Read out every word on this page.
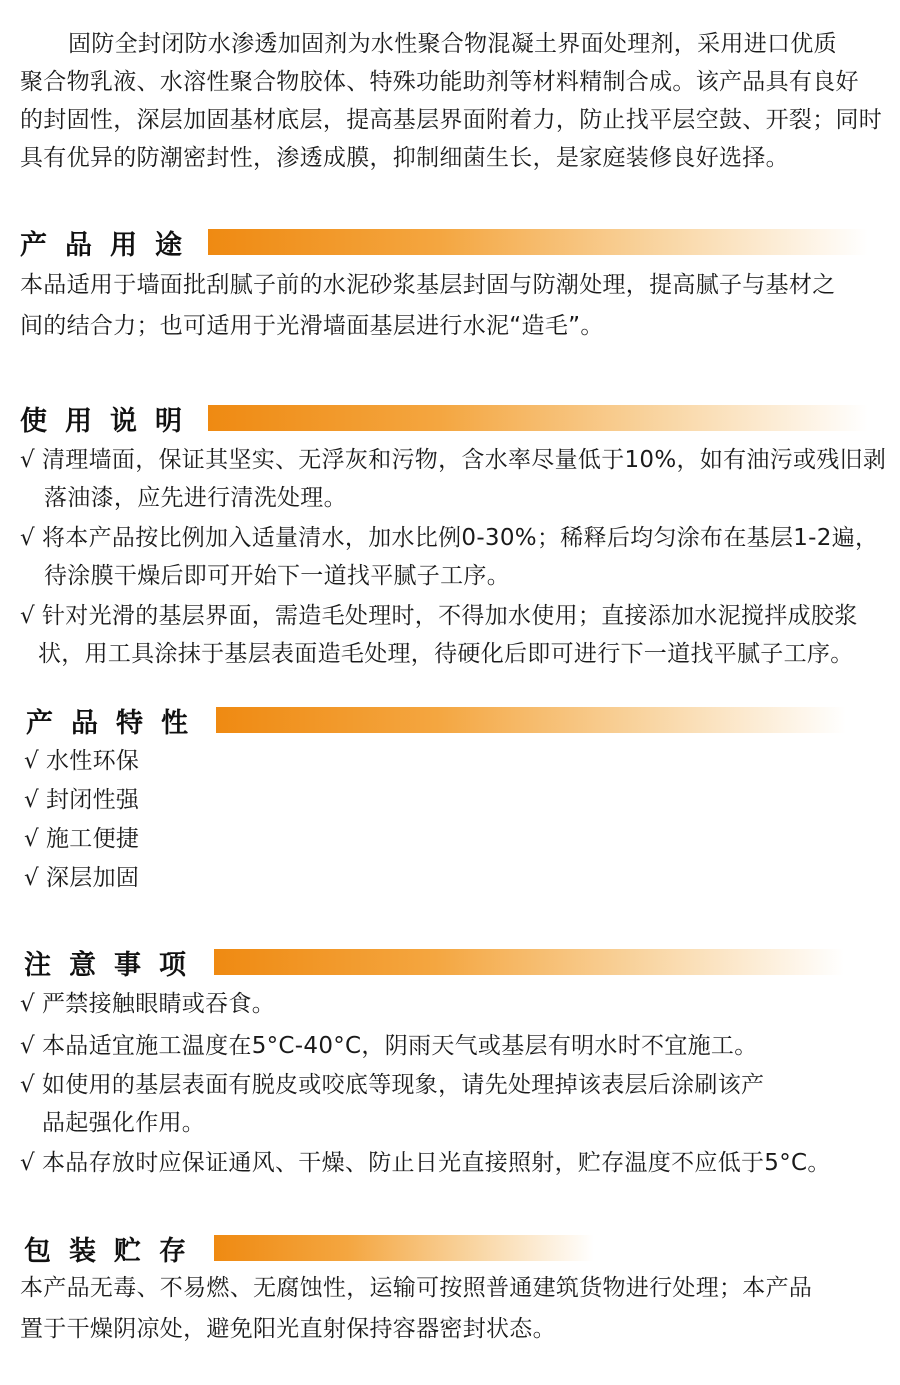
固防全封闭防水渗透加固剂为水性聚合物混凝土界面处理剂，采用进口优质
聚合物乳液、水溶性聚合物胶体、特殊功能助剂等材料精制合成。该产品具有良好
的封固性，深层加固基材底层，提高基层界面附着力，防止找平层空鼓、开裂；同时
具有优异的防潮密封性，渗透成膜，抑制细菌生长，是家庭装修良好选择。
产品用途
本品适用于墙面批刮腻子前的水泥砂浆基层封固与防潮处理，提高腻子与基材之
间的结合力；也可适用于光滑墙面基层进行水泥“造毛”。
使用说明
√ 清理墙面，保证其坚实、无浮灰和污物，含水率尽量低于10%，如有油污或残旧剥
落油漆，应先进行清洗处理。
√ 将本产品按比例加入适量清水，加水比例0-30%；稀释后均匀涂布在基层1-2遍，
待涂膜干燥后即可开始下一道找平腻子工序。
√ 针对光滑的基层界面，需造毛处理时，不得加水使用；直接添加水泥搅拌成胶浆
状，用工具涂抹于基层表面造毛处理，待硬化后即可进行下一道找平腻子工序。
产品特性
√ 水性环保
√ 封闭性强
√ 施工便捷
√ 深层加固
注意事项
√ 严禁接触眼睛或吞食。
√ 本品适宜施工温度在5°C-40°C，阴雨天气或基层有明水时不宜施工。
√ 如使用的基层表面有脱皮或咬底等现象，请先处理掉该表层后涂刷该产
品起强化作用。
√ 本品存放时应保证通风、干燥、防止日光直接照射，贮存温度不应低于5°C。
包装贮存
本产品无毒、不易燃、无腐蚀性，运输可按照普通建筑货物进行处理；本产品
置于干燥阴凉处，避免阳光直射保持容器密封状态。
